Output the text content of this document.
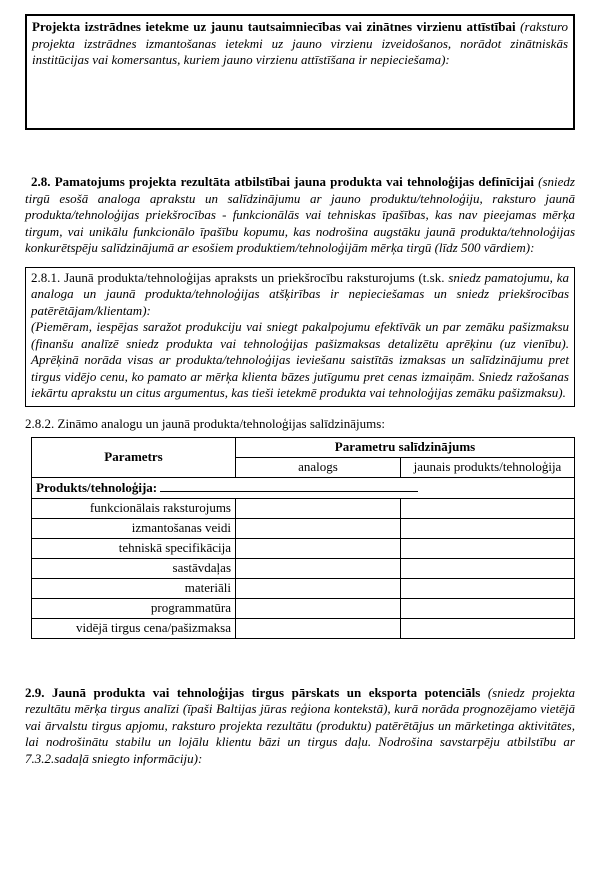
Projekta izstrādnes ietekme uz jaunu tautsaimniecības vai zinātnes virzienu attīstībai (raksturo projekta izstrādnes izmantošanas ietekmi uz jauno virzienu izveidošanos, norādot zinātniskās institūcijas vai komersantus, kuriem jauno virzienu attīstīšana ir nepieciešama):

2.8. Pamatojums projekta rezultāta atbilstībai jauna produkta vai tehnoloģijas definīcijai (sniedz tirgū esošā analoga aprakstu un salīdzinājumu ar jauno produktu/tehnoloģiju, raksturo jaunā produkta/tehnoloģijas priekšrocības - funkcionālās vai tehniskas īpašības, kas nav pieejamas mērķa tirgum, vai unikālu funkcionālo īpašību kopumu, kas nodrošina augstāku jaunā produkta/tehnoloģijas konkurētspēju salīdzinājumā ar esošiem produktiem/tehnoloģijām mērķa tirgū (līdz 500 vārdiem):

2.8.1. Jaunā produkta/tehnoloģijas apraksts un priekšrocību raksturojums (t.sk. sniedz pamatojumu, ka analoga un jaunā produkta/tehnoloģijas atšķirības ir nepieciešamas un sniedz priekšrocības patērētājam/klientam):

(Piemēram, iespējas saražot produkciju vai sniegt pakalpojumu efektīvāk un par zemāku pašizmaksu (finanšu analīzē sniedz produkta vai tehnoloģijas pašizmaksas detalizētu aprēķinu (uz vienību). Aprēķinā norāda visas ar produkta/tehnoloģijas ieviešanu saistītās izmaksas un salīdzinājumu pret tirgus vidējo cenu, ko pamato ar mērķa klienta bāzes jutīgumu pret cenas izmaiņām. Sniedz ražošanas iekārtu aprakstu un citus argumentus, kas tieši ietekmē produkta vai tehnoloģijas zemāku pašizmaksu).

2.8.2. Zināmo analogu un jaunā produkta/tehnoloģijas salīdzinājums:

Parametrs	Parametru salīdzinājums	
	analogs	jaunais produkts/tehnoloģija
Produkts/tehnoloģija:		
funkcionālais raksturojums		
izmantošanas veidi		
tehniskā specifikācija		
sastāvdaļas		
materiāli		
programmatūra		
vidējā tirgus cena/pašizmaksa		

2.9. Jaunā produkta vai tehnoloģijas tirgus pārskats un eksporta potenciāls (sniedz projekta rezultātu mērķa tirgus analīzi (īpaši Baltijas jūras reģiona kontekstā), kurā norāda prognozējamo vietējā vai ārvalstu tirgus apjomu, raksturo projekta rezultātu (produktu) patērētājus un mārketinga aktivitātes, lai nodrošinātu stabilu un lojālu klientu bāzi un tirgus daļu. Nodrošina savstarpēju atbilstību ar 7.3.2.sadaļā sniegto informāciju):
